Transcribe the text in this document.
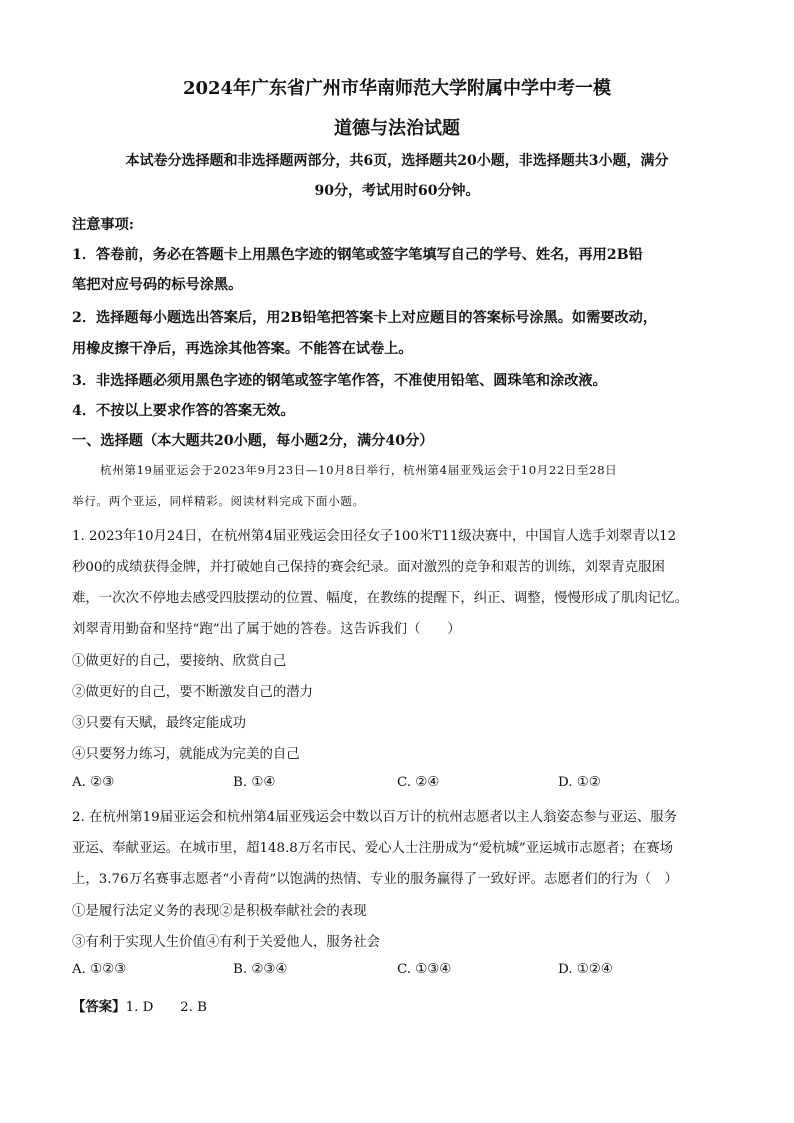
2024年广东省广州市华南师范大学附属中学中考一模
道德与法治试题
本试卷分选择题和非选择题两部分，共6页，选择题共20小题，非选择题共3小题，满分
90分，考试用时60分钟。
注意事项:
1．答卷前，务必在答题卡上用黑色字迹的钢笔或签字笔填写自己的学号、姓名，再用2B铅
笔把对应号码的标号涂黑。
2．选择题每小题选出答案后，用2B铅笔把答案卡上对应题目的答案标号涂黑。如需要改动，
用橡皮擦干净后，再选涂其他答案。不能答在试卷上。
3．非选择题必须用黑色字迹的钢笔或签字笔作答，不准使用铅笔、圆珠笔和涂改液。
4．不按以上要求作答的答案无效。
一、选择题（本大题共20小题，每小题2分，满分40分）
杭州第19届亚运会于2023年9月23日—10月8日举行，杭州第4届亚残运会于10月22日至28日
举行。两个亚运，同样精彩。阅读材料完成下面小题。
1. 2023年10月24日，在杭州第4届亚残运会田径女子100米T11级决赛中，中国盲人选手刘翠青以12
秒00的成绩获得金牌，并打破她自己保持的赛会纪录。面对激烈的竞争和艰苦的训练，刘翠青克服困
难，一次次不停地去感受四肢摆动的位置、幅度，在教练的提醒下，纠正、调整，慢慢形成了肌肉记忆。
刘翠青用勤奋和坚持“跑”出了属于她的答卷。这告诉我们（　　）
①做更好的自己，要接纳、欣赏自己
②做更好的自己，要不断激发自己的潜力
③只要有天赋，最终定能成功
④只要努力练习，就能成为完美的自己
A. ②③	B. ①④	C. ②④	D. ①②
2. 在杭州第19届亚运会和杭州第4届亚残运会中数以百万计的杭州志愿者以主人翁姿态参与亚运、服务
亚运、奉献亚运。在城市里，超148.8万名市民、爱心人士注册成为“爱杭城”亚运城市志愿者；在赛场
上，3.76万名赛事志愿者“小青荷”以饱满的热情、专业的服务赢得了一致好评。志愿者们的行为（　）
①是履行法定义务的表现②是积极奉献社会的表现
③有利于实现人生价值④有利于关爱他人，服务社会
A. ①②③	B. ②③④	C. ①③④	D. ①②④
【答案】1. D　　2. B
